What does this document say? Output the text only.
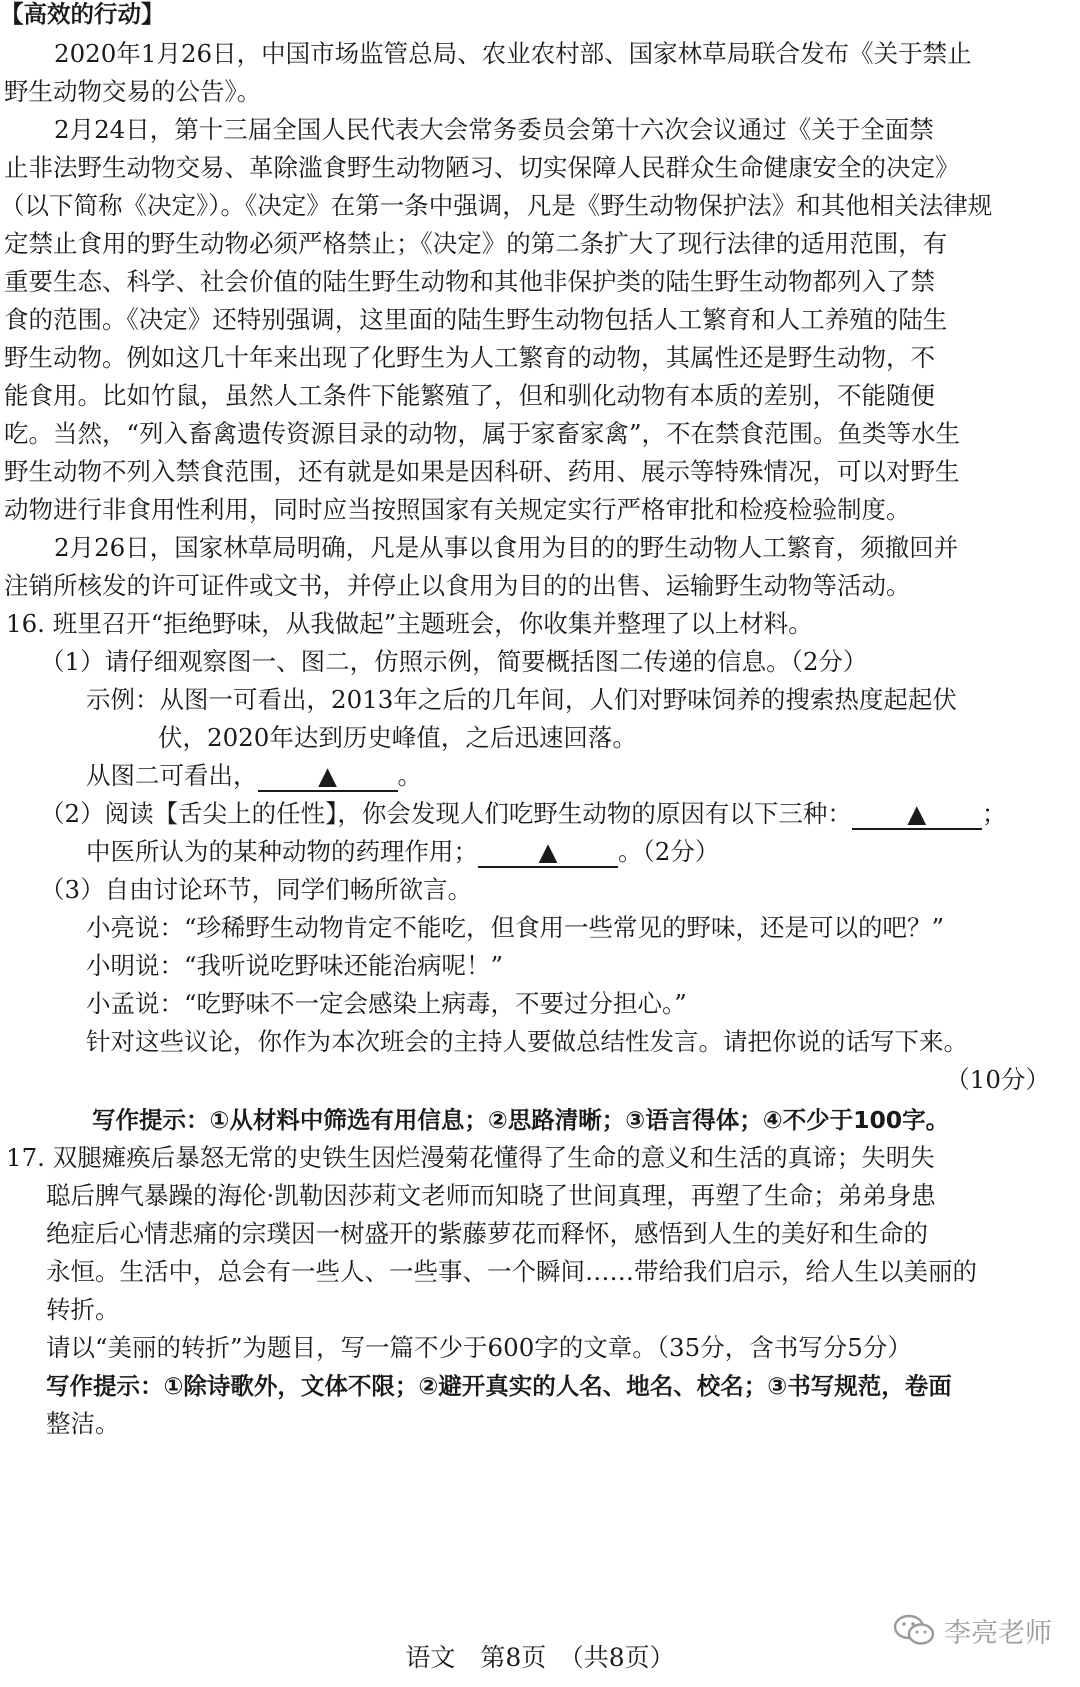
【高效的行动】
2020年1月26日，中国市场监管总局、农业农村部、国家林草局联合发布《关于禁止
野生动物交易的公告》。
2月24日，第十三届全国人民代表大会常务委员会第十六次会议通过《关于全面禁
止非法野生动物交易、革除滥食野生动物陋习、切实保障人民群众生命健康安全的决定》
（以下简称《决定》）。《决定》在第一条中强调，凡是《野生动物保护法》和其他相关法律规
定禁止食用的野生动物必须严格禁止；《决定》的第二条扩大了现行法律的适用范围，有
重要生态、科学、社会价值的陆生野生动物和其他非保护类的陆生野生动物都列入了禁
食的范围。《决定》还特别强调，这里面的陆生野生动物包括人工繁育和人工养殖的陆生
野生动物。例如这几十年来出现了化野生为人工繁育的动物，其属性还是野生动物，不
能食用。比如竹鼠，虽然人工条件下能繁殖了，但和驯化动物有本质的差别，不能随便
吃。当然，“列入畜禽遗传资源目录的动物，属于家畜家禽”，不在禁食范围。鱼类等水生
野生动物不列入禁食范围，还有就是如果是因科研、药用、展示等特殊情况，可以对野生
动物进行非食用性利用，同时应当按照国家有关规定实行严格审批和检疫检验制度。
2月26日，国家林草局明确，凡是从事以食用为目的的野生动物人工繁育，须撤回并
注销所核发的许可证件或文书，并停止以食用为目的的出售、运输野生动物等活动。
16. 班里召开“拒绝野味，从我做起”主题班会，你收集并整理了以上材料。
（1）请仔细观察图一、图二，仿照示例，简要概括图二传递的信息。（2分）
示例：从图一可看出，2013年之后的几年间，人们对野味饲养的搜索热度起起伏
伏，2020年达到历史峰值，之后迅速回落。
从图二可看出， ▲ 。
（2）阅读【舌尖上的任性】，你会发现人们吃野生动物的原因有以下三种： ▲ ；
中医所认为的某种动物的药理作用； ▲ 。（2分）
（3）自由讨论环节，同学们畅所欲言。
小亮说：“珍稀野生动物肯定不能吃，但食用一些常见的野味，还是可以的吧？”
小明说：“我听说吃野味还能治病呢！”
小孟说：“吃野味不一定会感染上病毒，不要过分担心。”
针对这些议论，你作为本次班会的主持人要做总结性发言。请把你说的话写下来。
（10分）
写作提示：①从材料中筛选有用信息；②思路清晰；③语言得体；④不少于100字。
17. 双腿瘫痪后暴怒无常的史铁生因烂漫菊花懂得了生命的意义和生活的真谛；失明失
聪后脾气暴躁的海伦·凯勒因莎莉文老师而知晓了世间真理，再塑了生命；弟弟身患
绝症后心情悲痛的宗璞因一树盛开的紫藤萝花而释怀，感悟到人生的美好和生命的
永恒。生活中，总会有一些人、一些事、一个瞬间……带给我们启示，给人生以美丽的
转折。
请以“美丽的转折”为题目，写一篇不少于600字的文章。（35分，含书写分5分）
写作提示：①除诗歌外，文体不限；②避开真实的人名、地名、校名；③书写规范，卷面
整洁。
李亮老师
语文　第8页　（共8页）
